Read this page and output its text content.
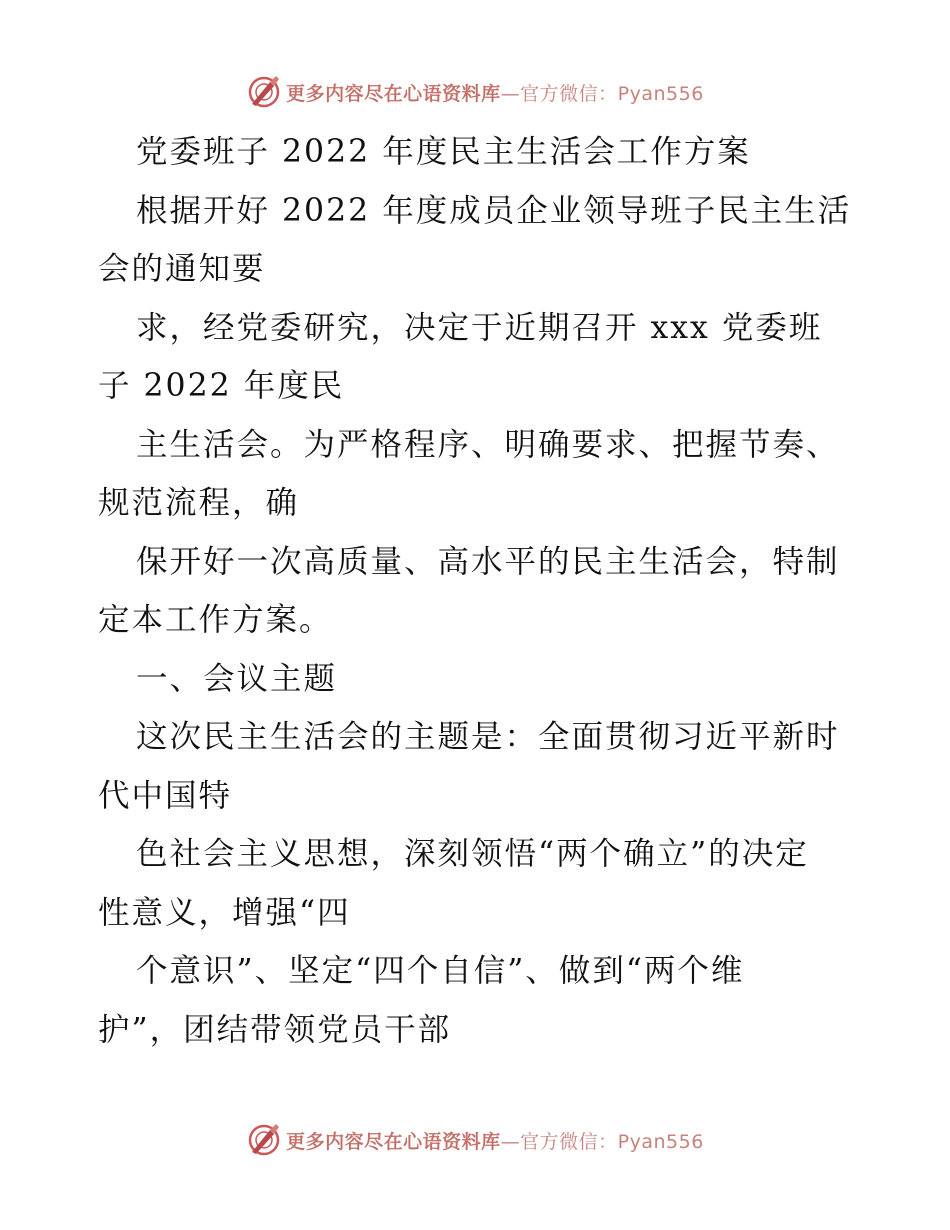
更多内容尽在心语资料库—官方微信：Pyan556
党委班子 2022 年度民主生活会工作方案
根据开好 2022 年度成员企业领导班子民主生活
会的通知要
求，经党委研究，决定于近期召开 xxx 党委班
子 2022 年度民
主生活会。为严格程序、明确要求、把握节奏、
规范流程，确
保开好一次高质量、高水平的民主生活会，特制
定本工作方案。
一、会议主题
这次民主生活会的主题是：全面贯彻习近平新时
代中国特
色社会主义思想，深刻领悟“两个确立”的决定
性意义，增强“四
个意识”、坚定“四个自信”、做到“两个维
护”，团结带领党员干部
更多内容尽在心语资料库—官方微信：Pyan556
